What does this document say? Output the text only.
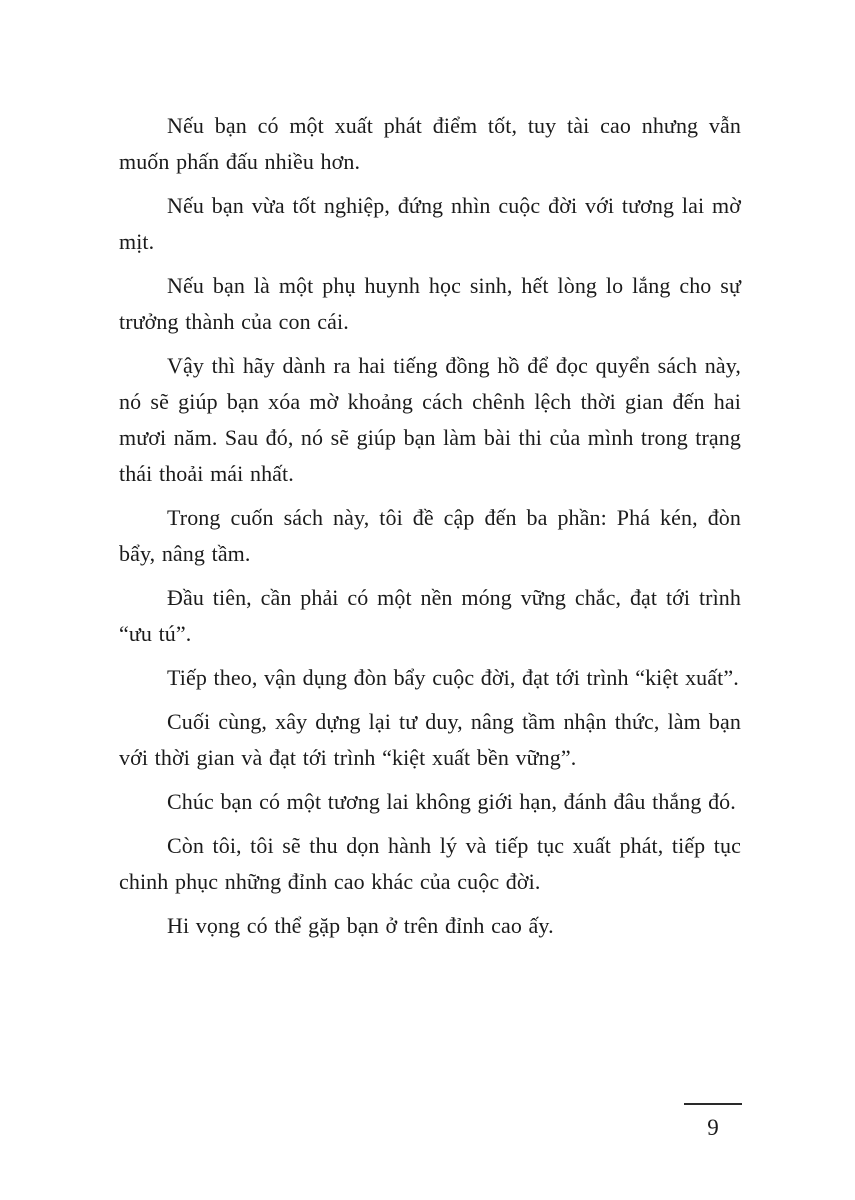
Nếu bạn có một xuất phát điểm tốt, tuy tài cao nhưng vẫn muốn phấn đấu nhiều hơn.

Nếu bạn vừa tốt nghiệp, đứng nhìn cuộc đời với tương lai mờ mịt.

Nếu bạn là một phụ huynh học sinh, hết lòng lo lắng cho sự trưởng thành của con cái.

Vậy thì hãy dành ra hai tiếng đồng hồ để đọc quyển sách này, nó sẽ giúp bạn xóa mờ khoảng cách chênh lệch thời gian đến hai mươi năm. Sau đó, nó sẽ giúp bạn làm bài thi của mình trong trạng thái thoải mái nhất.

Trong cuốn sách này, tôi đề cập đến ba phần: Phá kén, đòn bẩy, nâng tầm.

Đầu tiên, cần phải có một nền móng vững chắc, đạt tới trình “ưu tú”.

Tiếp theo, vận dụng đòn bẩy cuộc đời, đạt tới trình “kiệt xuất”.

Cuối cùng, xây dựng lại tư duy, nâng tầm nhận thức, làm bạn với thời gian và đạt tới trình “kiệt xuất bền vững”.

Chúc bạn có một tương lai không giới hạn, đánh đâu thắng đó.

Còn tôi, tôi sẽ thu dọn hành lý và tiếp tục xuất phát, tiếp tục chinh phục những đỉnh cao khác của cuộc đời.

Hi vọng có thể gặp bạn ở trên đỉnh cao ấy.

9
